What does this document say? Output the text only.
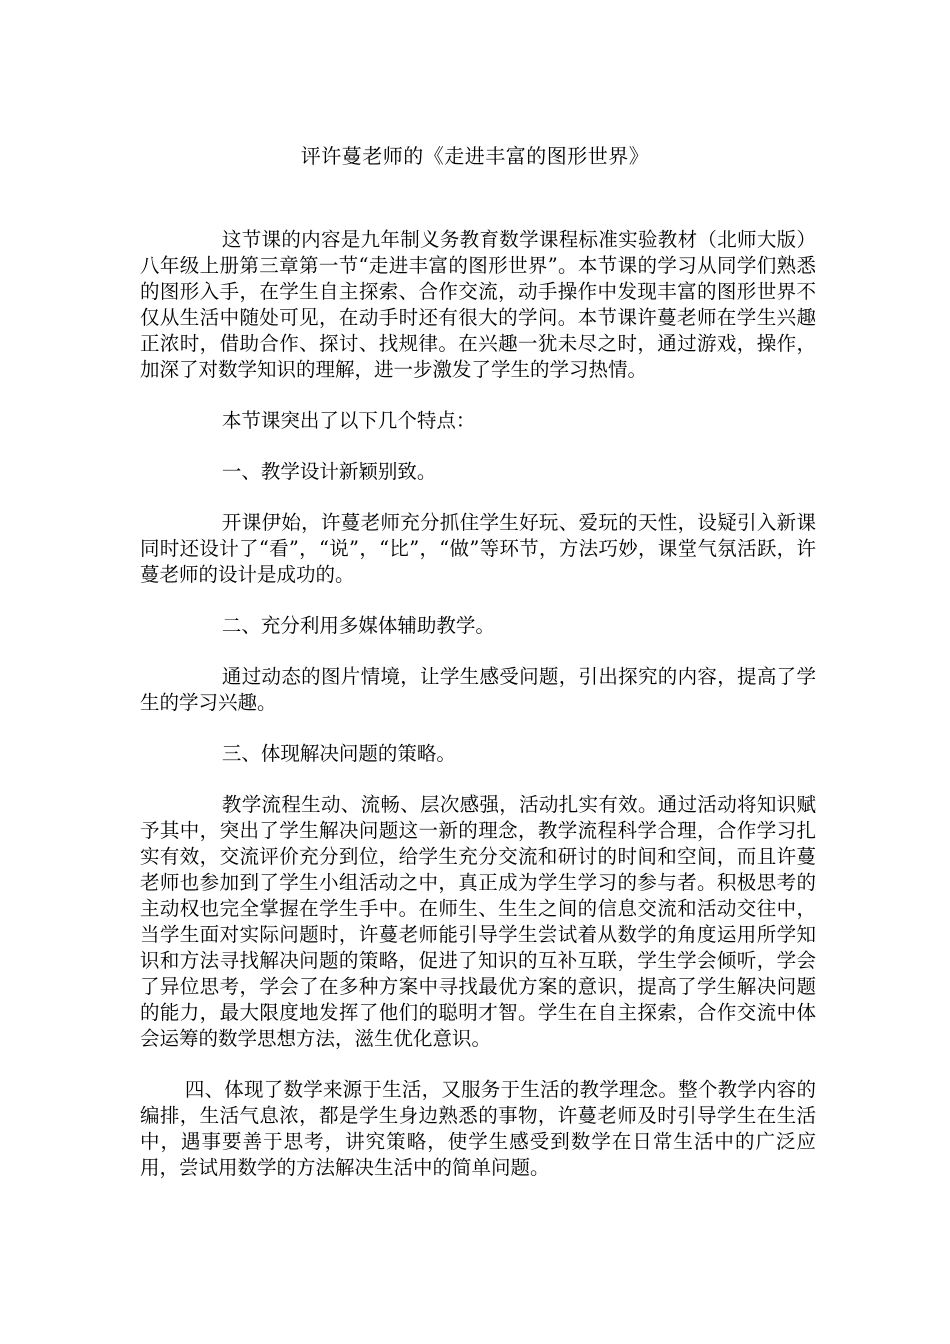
评许蔓老师的《走进丰富的图形世界》

这节课的内容是九年制义务教育数学课程标准实验教材（北师大版）八年级上册第三章第一节“走进丰富的图形世界”。本节课的学习从同学们熟悉的图形入手，在学生自主探索、合作交流，动手操作中发现丰富的图形世界不仅从生活中随处可见，在动手时还有很大的学问。本节课许蔓老师在学生兴趣正浓时，借助合作、探讨、找规律。在兴趣一犹未尽之时，通过游戏，操作，加深了对数学知识的理解，进一步激发了学生的学习热情。

本节课突出了以下几个特点：

一、教学设计新颖别致。

开课伊始，许蔓老师充分抓住学生好玩、爱玩的天性，设疑引入新课同时还设计了“看”，“说”，“比”，“做”等环节，方法巧妙，课堂气氛活跃，许蔓老师的设计是成功的。

二、充分利用多媒体辅助教学。

通过动态的图片情境，让学生感受问题，引出探究的内容，提高了学生的学习兴趣。

三、体现解决问题的策略。

教学流程生动、流畅、层次感强，活动扎实有效。通过活动将知识赋予其中，突出了学生解决问题这一新的理念，教学流程科学合理，合作学习扎实有效，交流评价充分到位，给学生充分交流和研讨的时间和空间，而且许蔓老师也参加到了学生小组活动之中，真正成为学生学习的参与者。积极思考的主动权也完全掌握在学生手中。在师生、生生之间的信息交流和活动交往中，当学生面对实际问题时，许蔓老师能引导学生尝试着从数学的角度运用所学知识和方法寻找解决问题的策略，促进了知识的互补互联，学生学会倾听，学会了异位思考，学会了在多种方案中寻找最优方案的意识，提高了学生解决问题的能力，最大限度地发挥了他们的聪明才智。学生在自主探索，合作交流中体会运筹的数学思想方法，滋生优化意识。

四、体现了数学来源于生活，又服务于生活的教学理念。整个教学内容的编排，生活气息浓，都是学生身边熟悉的事物，许蔓老师及时引导学生在生活中，遇事要善于思考，讲究策略，使学生感受到数学在日常生活中的广泛应用，尝试用数学的方法解决生活中的简单问题。
